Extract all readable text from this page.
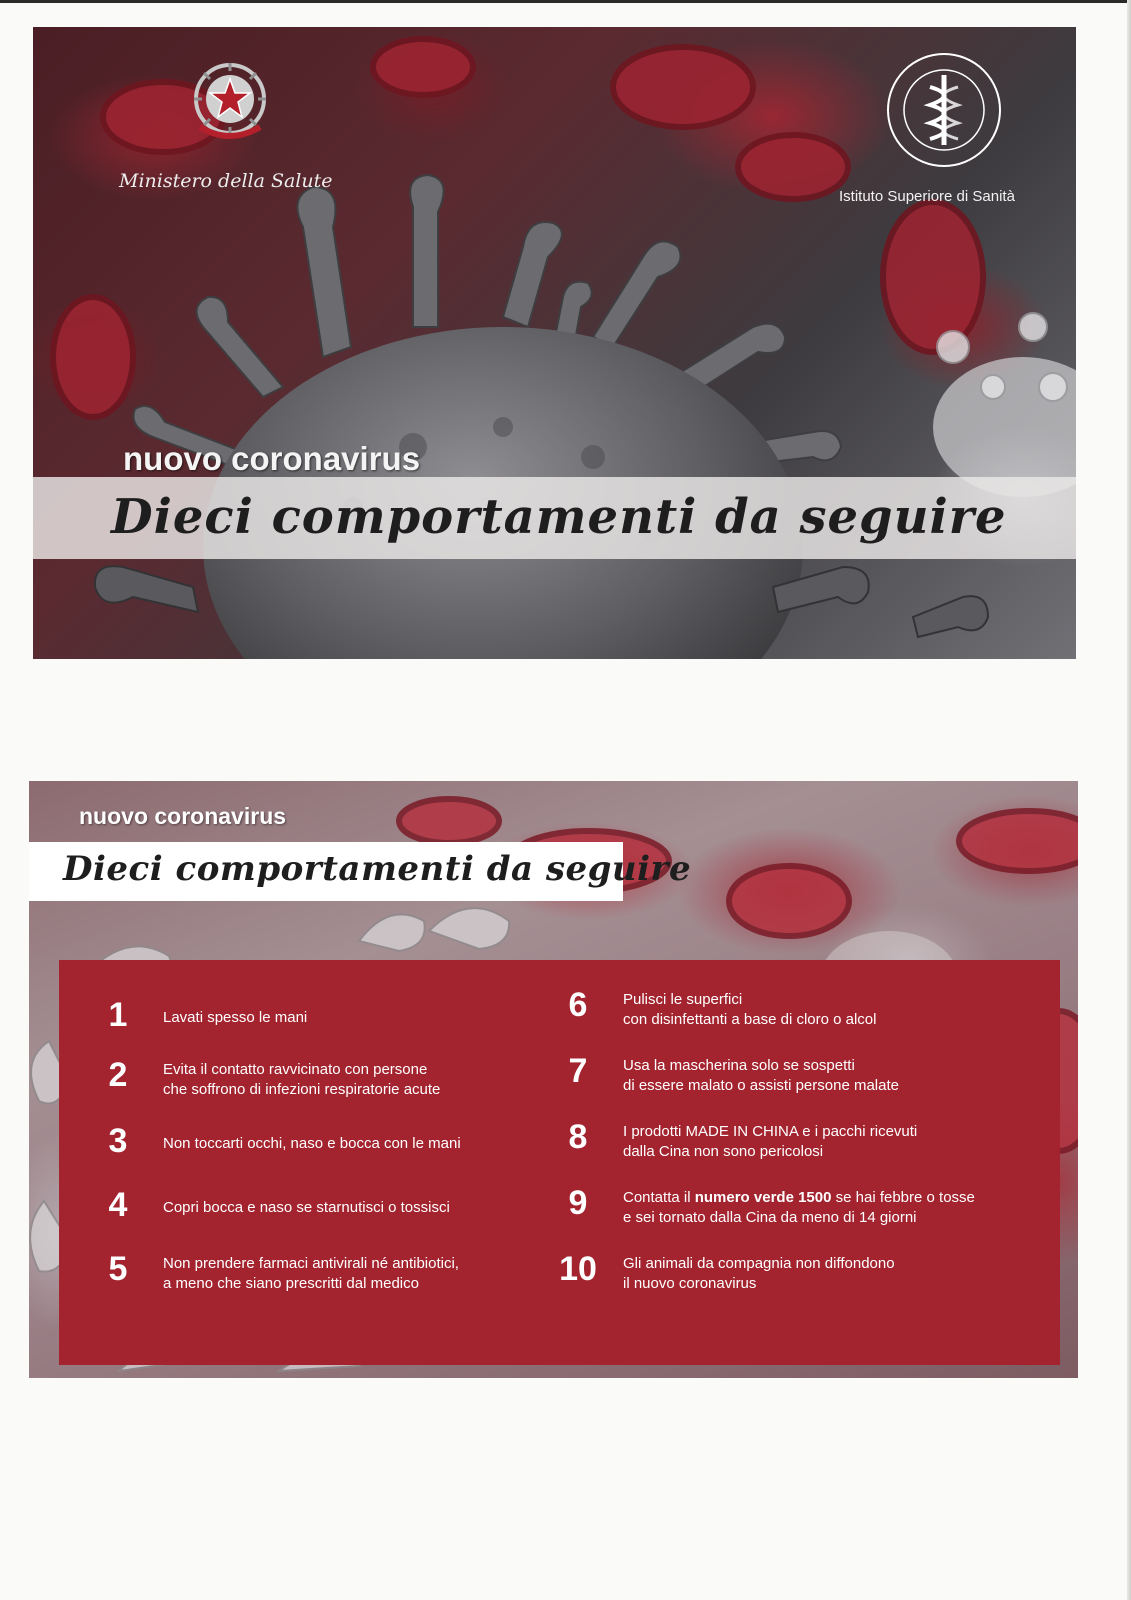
Ministero della Salute

Istituto Superiore di Sanità

nuovo coronavirus
Dieci comportamenti da seguire
nuovo coronavirus
Dieci comportamenti da seguire
1	Lavati spesso le mani

2	Evita il contatto ravvicinato con persone
che soffrono di infezioni respiratorie acute

3	Non toccarti occhi, naso e bocca con le mani

4	Copri bocca e naso se starnutisci o tossisci

5	Non prendere farmaci antivirali né antibiotici,
a meno che siano prescritti dal medico

6	Pulisci le superfici
con disinfettanti a base di cloro o alcol

7	Usa la mascherina solo se sospetti
di essere malato o assisti persone malate

8	I prodotti MADE IN CHINA e i pacchi ricevuti
dalla Cina non sono pericolosi

9	Contatta il numero verde 1500 se hai febbre o tosse
e sei tornato dalla Cina da meno di 14 giorni

10	Gli animali da compagnia non diffondono
il nuovo coronavirus
